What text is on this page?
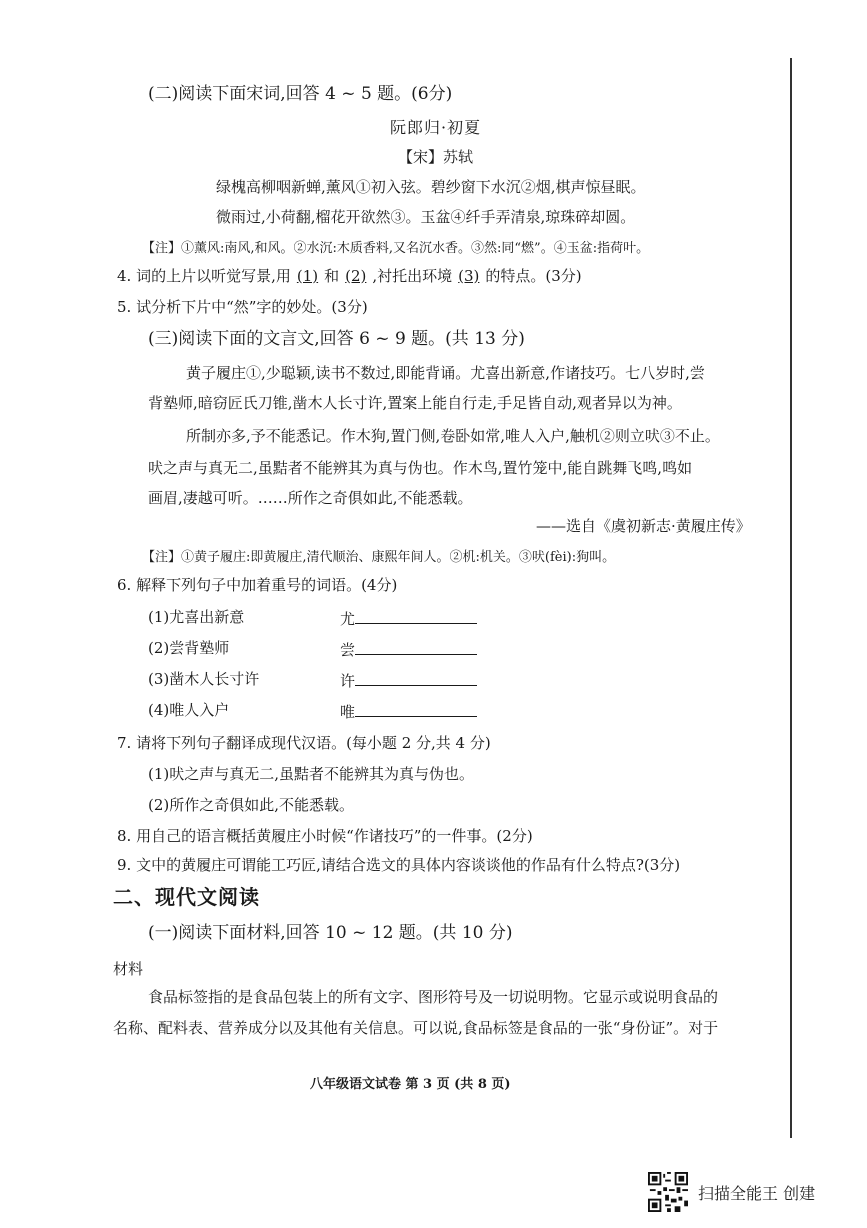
(二)阅读下面宋词,回答 4 ~ 5 题。(6分)
阮郎归·初夏
【宋】苏轼
绿槐高柳咽新蝉,薰风①初入弦。碧纱窗下水沉②烟,棋声惊昼眠。
微雨过,小荷翻,榴花开欲然③。玉盆④纤手弄清泉,琼珠碎却圆。
【注】①薰风:南风,和风。②水沉:木质香料,又名沉水香。③然:同“燃”。④玉盆:指荷叶。
4. 词的上片以听觉写景,用 (1) 和 (2) ,衬托出环境 (3) 的特点。(3分)
5. 试分析下片中“然”字的妙处。(3分)
(三)阅读下面的文言文,回答 6 ~ 9 题。(共 13 分)
黄子履庄①,少聪颖,读书不数过,即能背诵。尤喜出新意,作诸技巧。七八岁时,尝
背塾师,暗窃匠氏刀锥,凿木人长寸许,置案上能自行走,手足皆自动,观者异以为神。
所制亦多,予不能悉记。作木狗,置门侧,卷卧如常,唯人入户,触机②则立吠③不止。
吠之声与真无二,虽黠者不能辨其为真与伪也。作木鸟,置竹笼中,能自跳舞飞鸣,鸣如
画眉,凄越可听。……所作之奇俱如此,不能悉载。
——选自《虞初新志·黄履庄传》
【注】①黄子履庄:即黄履庄,清代顺治、康熙年间人。②机:机关。③吠(fèi):狗叫。
6. 解释下列句子中加着重号的词语。(4分)
(1)尤喜出新意	尤
(2)尝背塾师	尝
(3)凿木人长寸许	许
(4)唯人入户	唯
7. 请将下列句子翻译成现代汉语。(每小题 2 分,共 4 分)
(1)吠之声与真无二,虽黠者不能辨其为真与伪也。
(2)所作之奇俱如此,不能悉载。
8. 用自己的语言概括黄履庄小时候“作诸技巧”的一件事。(2分)
9. 文中的黄履庄可谓能工巧匠,请结合选文的具体内容谈谈他的作品有什么特点?(3分)
二、现代文阅读
(一)阅读下面材料,回答 10 ~ 12 题。(共 10 分)
材料
食品标签指的是食品包装上的所有文字、图形符号及一切说明物。它显示或说明食品的
名称、配料表、营养成分以及其他有关信息。可以说,食品标签是食品的一张“身份证”。对于
八年级语文试卷 第 3 页 (共 8 页)
扫描全能王 创建
